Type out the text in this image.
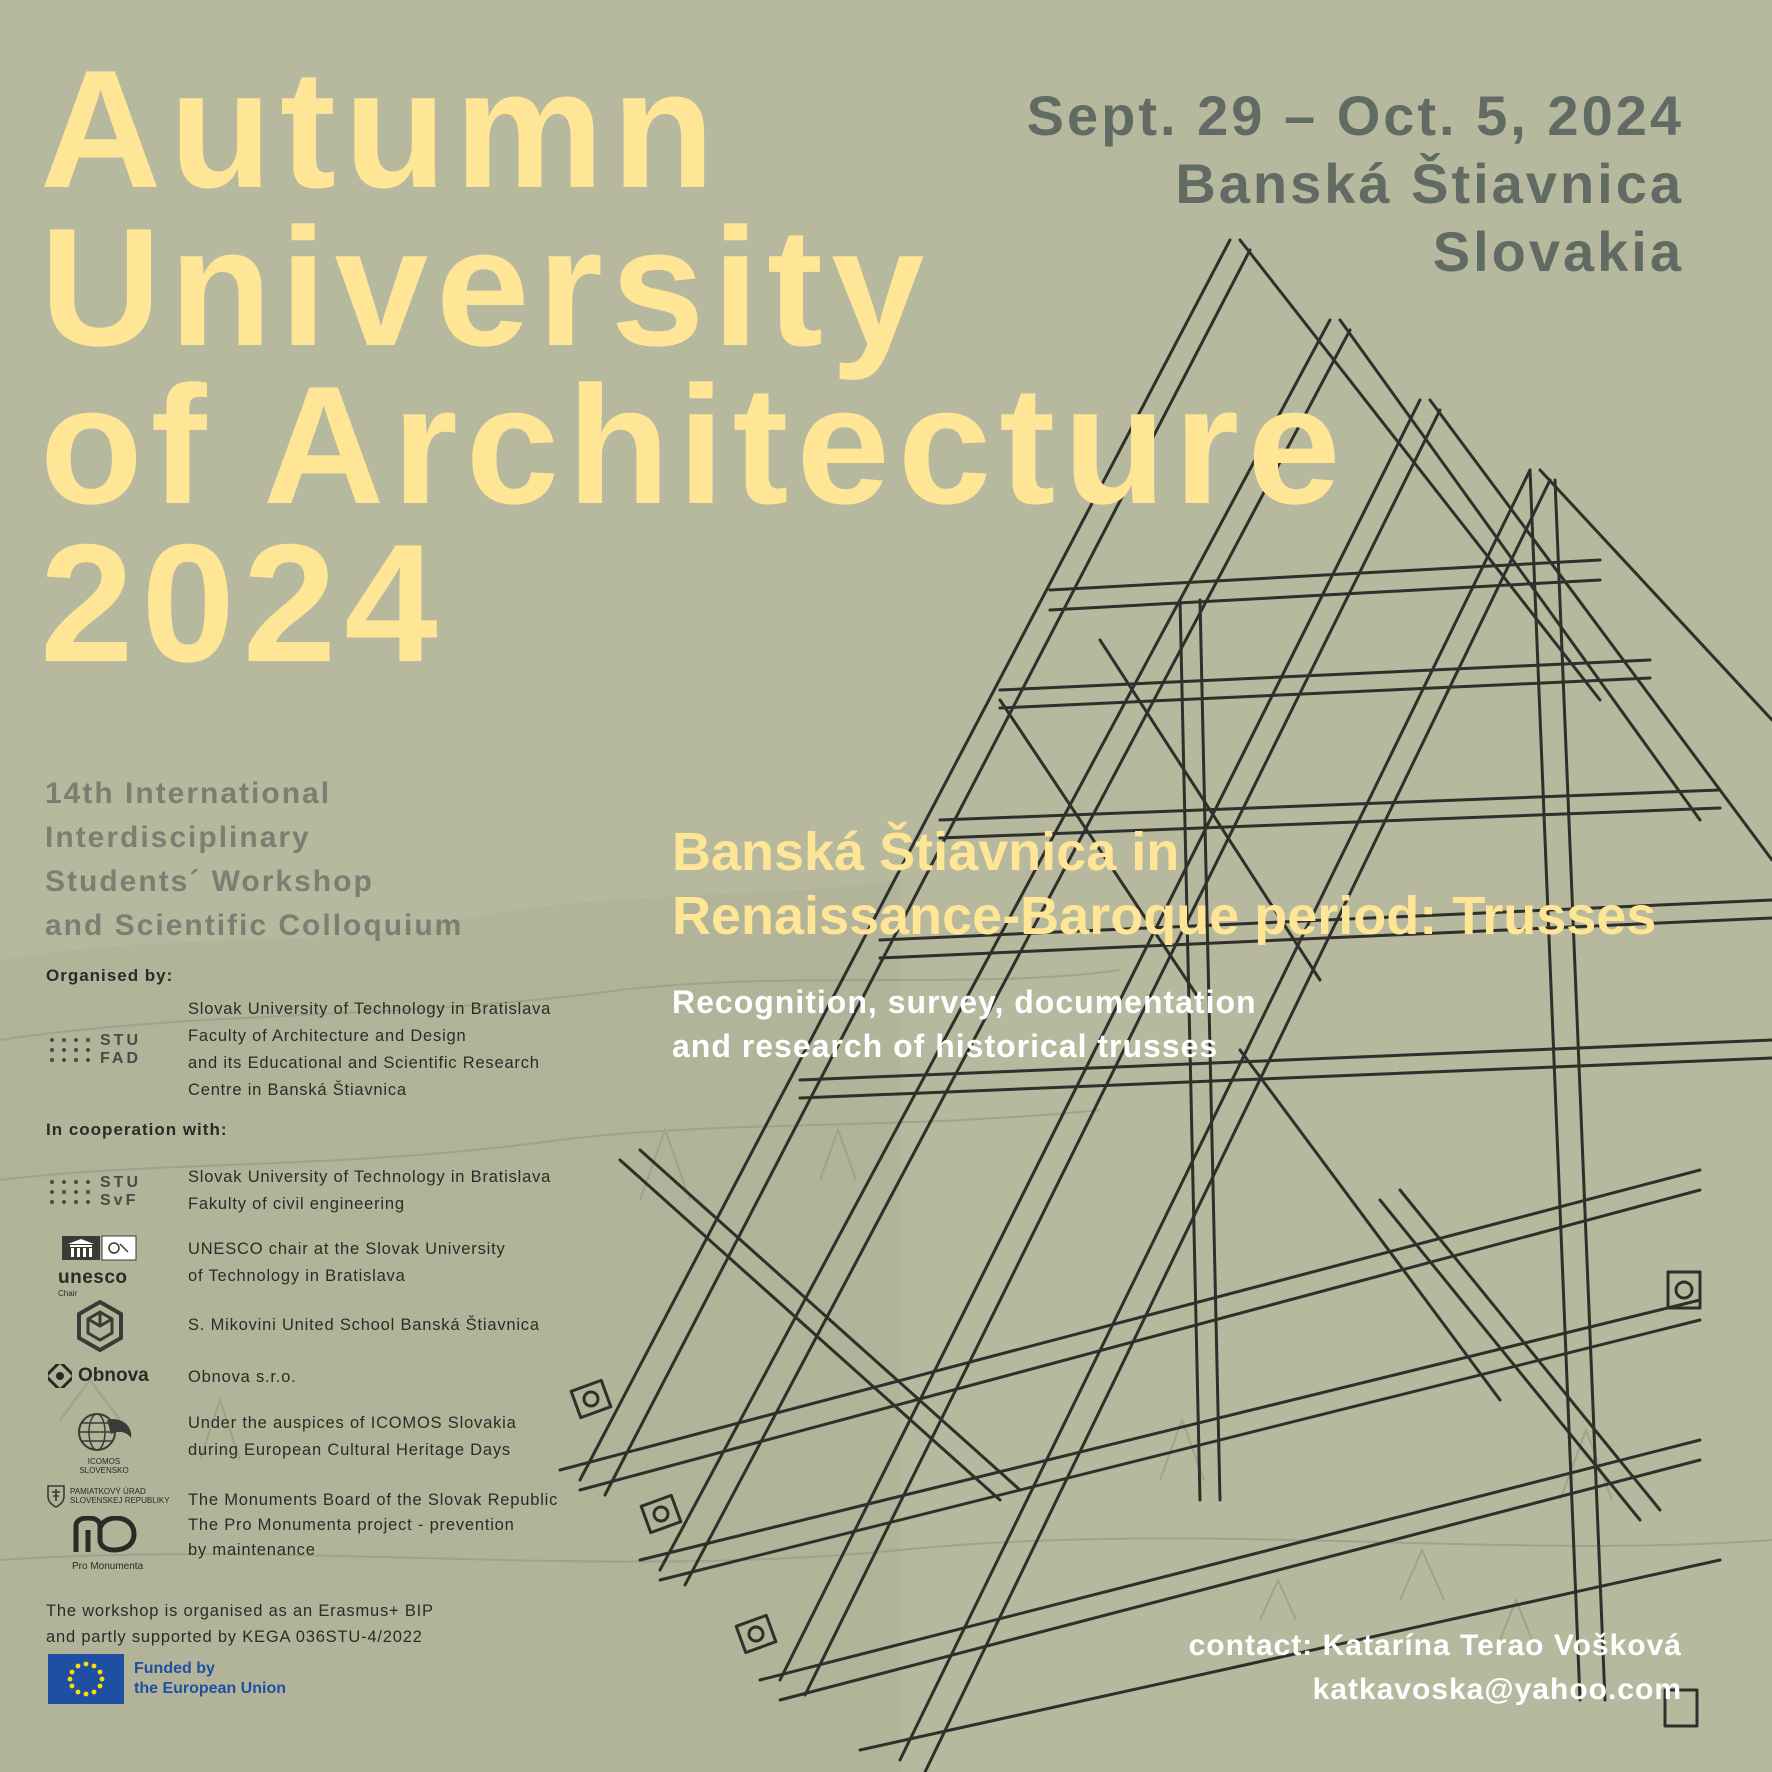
Autumn
University
of Architecture
2024
Sept. 29 – Oct. 5, 2024
Banská Štiavnica
Slovakia
14th International
Interdisciplinary
Students´ Workshop
and Scientific Colloquium
Banská Štiavnica in
Renaissance-Baroque period: Trusses
Recognition, survey, documentation
and research of historical trusses
Organised by:
STU
FAD
Slovak University of Technology in Bratislava
Faculty of Architecture and Design
and its Educational and Scientific Research
Centre in Banská Štiavnica
In cooperation with:
STU
SvF
Slovak University of Technology in Bratislava
Fakulty of civil engineering
unesco
Chair
UNESCO chair at the Slovak University
of Technology in Bratislava
S. Mikovini United School Banská Štiavnica
Obnova Obnova s.r.o.
ICOMOS SLOVENSKO
Under the auspices of ICOMOS Slovakia
during European Cultural Heritage Days
PAMIATKOVÝ ÚRAD
SLOVENSKEJ REPUBLIKY
Pro Monumenta
The Monuments Board of the Slovak Republic
The Pro Monumenta project - prevention
by maintenance
The workshop is organised as an Erasmus+ BIP
and partly supported by KEGA 036STU-4/2022
Funded by
the European Union
contact: Katarína Terao Vošková
katkavoska@yahoo.com
